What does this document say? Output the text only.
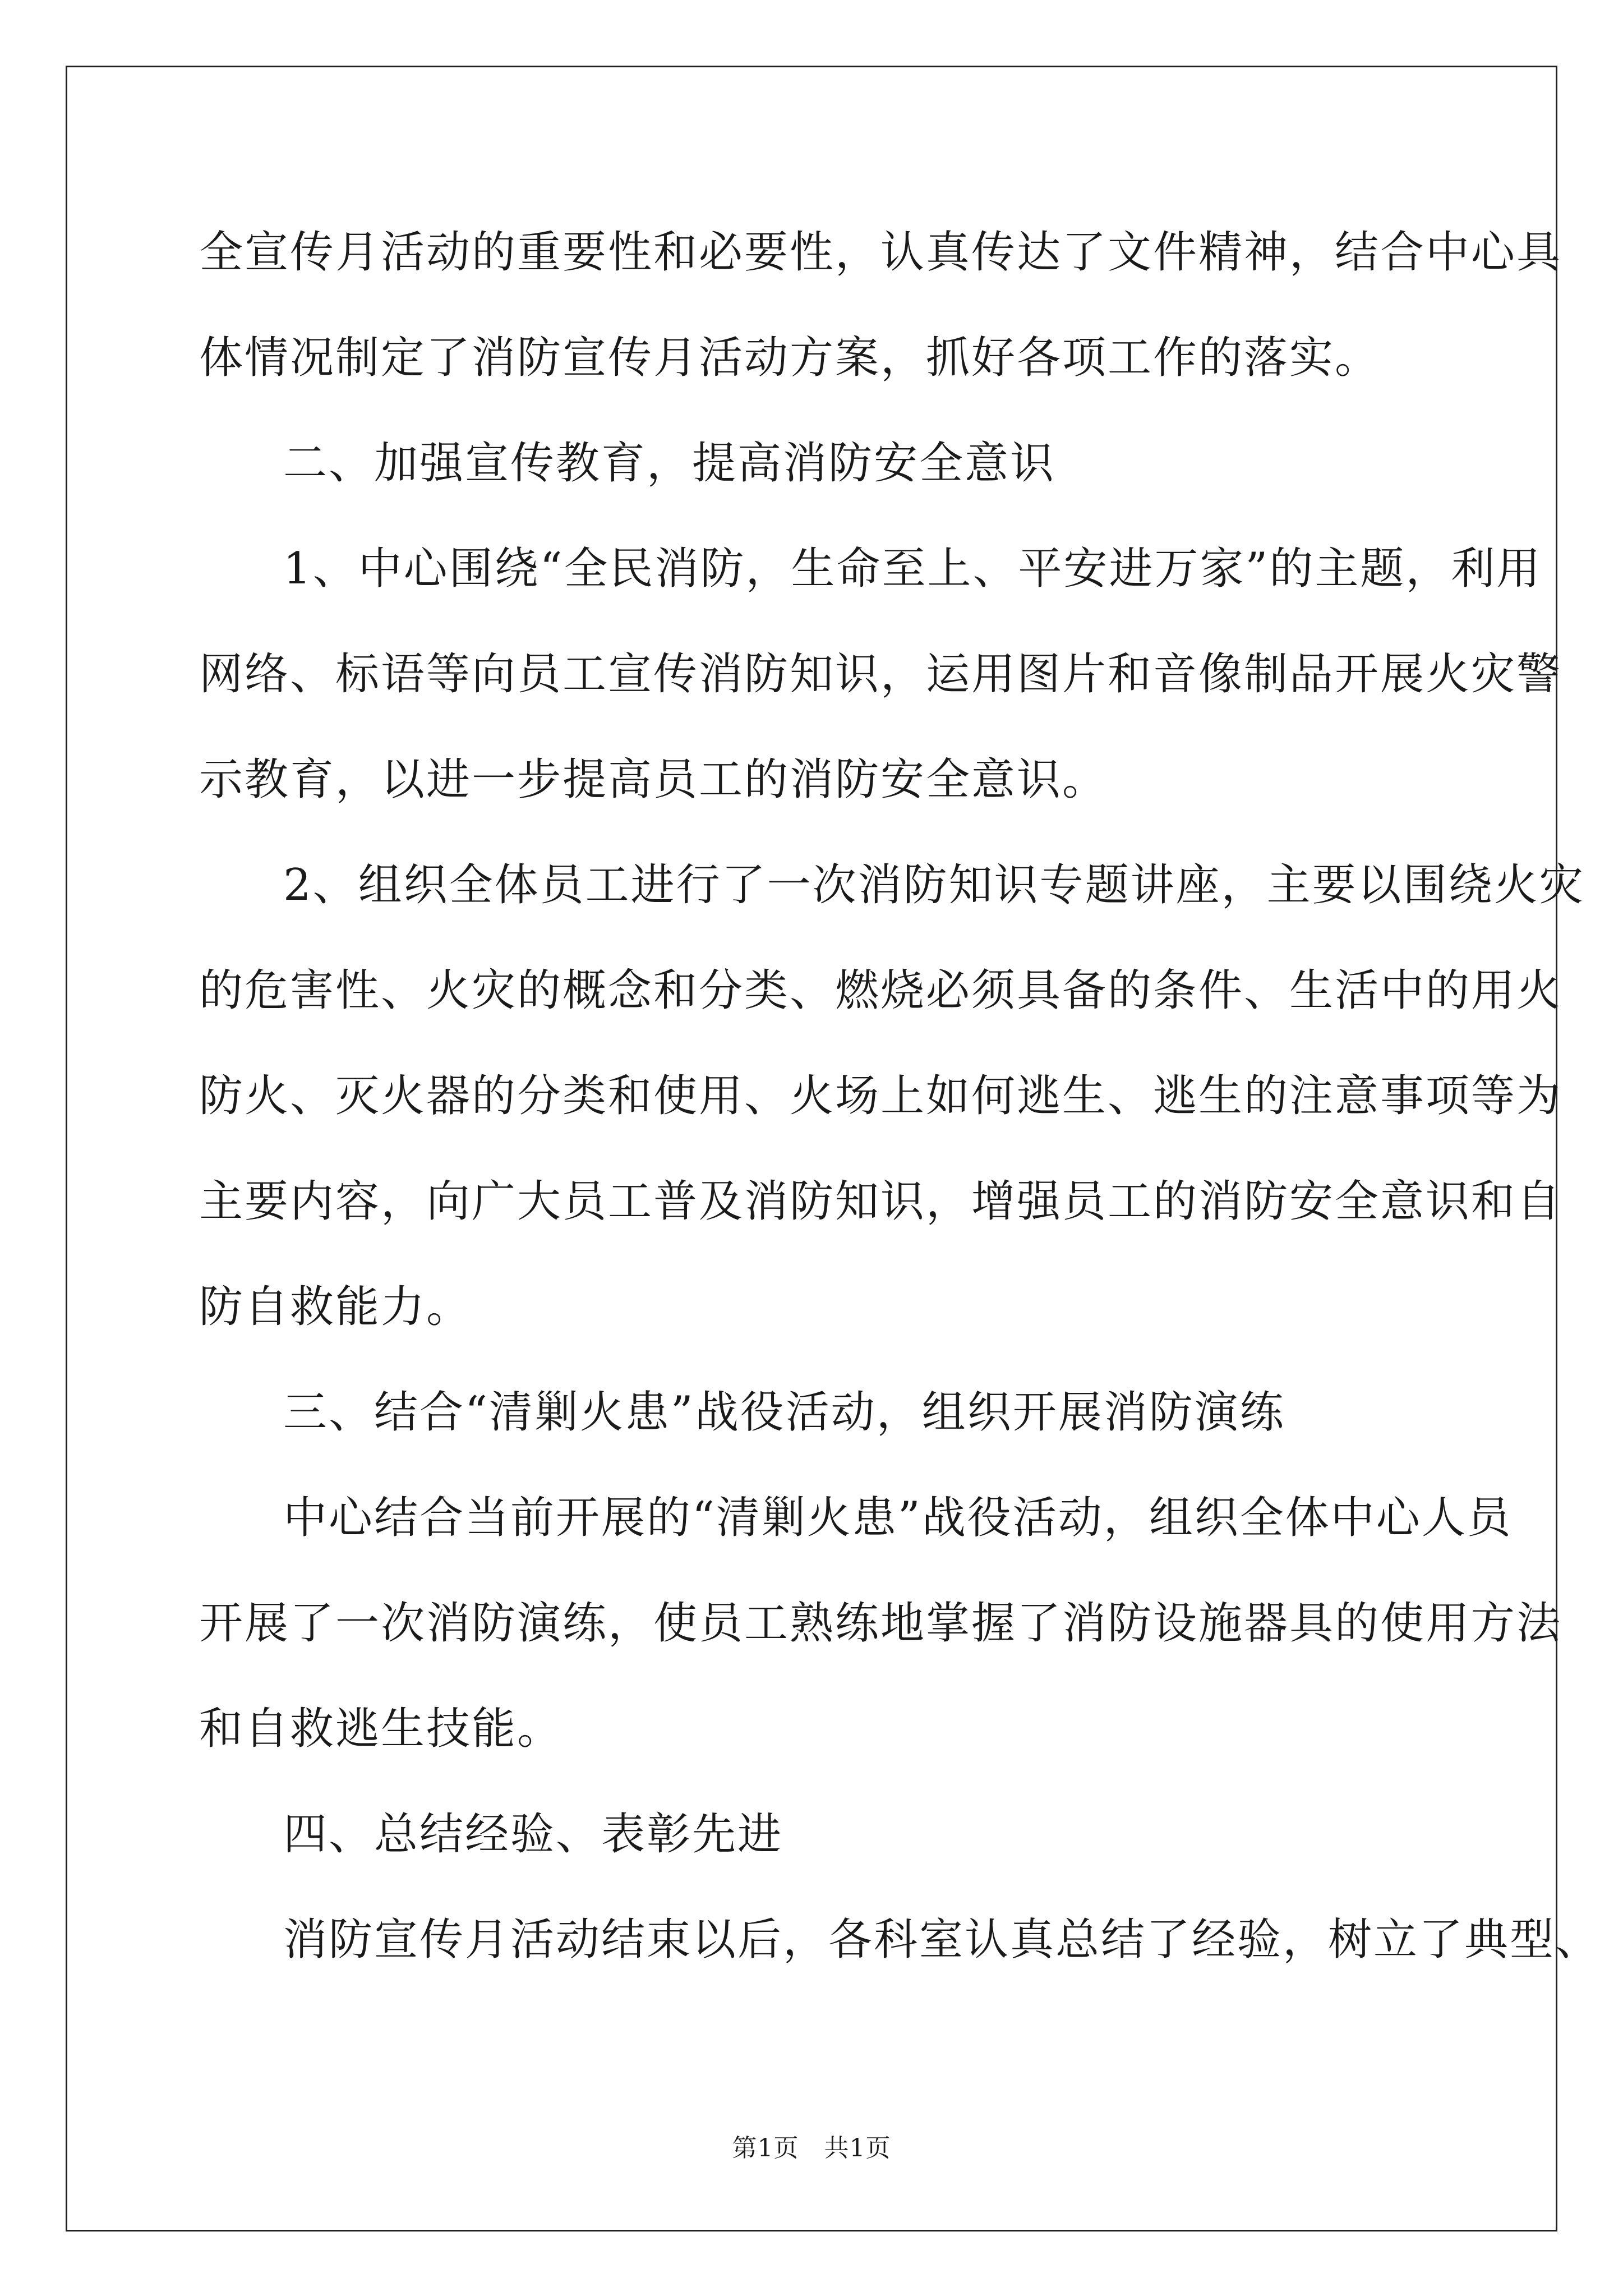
全宣传月活动的重要性和必要性，认真传达了文件精神，结合中心具
体情况制定了消防宣传月活动方案，抓好各项工作的落实。
二、加强宣传教育，提高消防安全意识
1、中心围绕“全民消防，生命至上、平安进万家”的主题，利用
网络、标语等向员工宣传消防知识，运用图片和音像制品开展火灾警
示教育，以进一步提高员工的消防安全意识。
2、组织全体员工进行了一次消防知识专题讲座，主要以围绕火灾
的危害性、火灾的概念和分类、燃烧必须具备的条件、生活中的用火
防火、灭火器的分类和使用、火场上如何逃生、逃生的注意事项等为
主要内容，向广大员工普及消防知识，增强员工的消防安全意识和自
防自救能力。
三、结合“清剿火患”战役活动，组织开展消防演练
中心结合当前开展的“清剿火患”战役活动，组织全体中心人员
开展了一次消防演练，使员工熟练地掌握了消防设施器具的使用方法
和自救逃生技能。
四、总结经验、表彰先进
消防宣传月活动结束以后，各科室认真总结了经验，树立了典型、
第1页　共1页
